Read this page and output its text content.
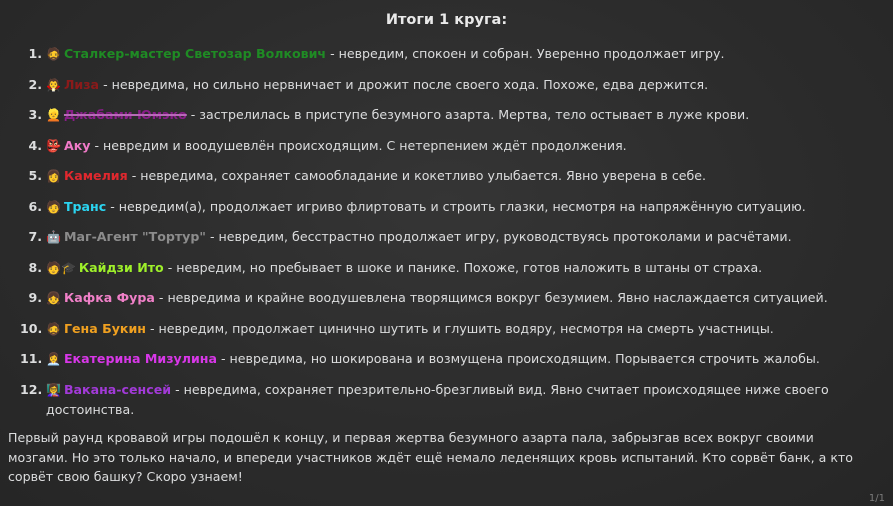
Итоги 1 круга:
1. 🧔 Сталкер-мастер Светозар Волкович - невредим, спокоен и собран. Уверенно продолжает игру.
2. 🧛 Лиза - невредима, но сильно нервничает и дрожит после своего хода. Похоже, едва держится.
3. 👱 Джабами Юмэко - застрелилась в приступе безумного азарта. Мертва, тело остывает в луже крови.
4. 👺 Аку - невредим и воодушевлён происходящим. С нетерпением ждёт продолжения.
5. 👩 Камелия - невредима, сохраняет самообладание и кокетливо улыбается. Явно уверена в себе.
6. 🧑 Транс - невредим(а), продолжает игриво флиртовать и строить глазки, несмотря на напряжённую ситуацию.
7. 🤖 Маг-Агент "Тортур" - невредим, бесстрастно продолжает игру, руководствуясь протоколами и расчётами.
8. 🧑🎓 Кайдзи Ито - невредим, но пребывает в шоке и панике. Похоже, готов наложить в штаны от страха.
9. 👧 Кафка Фура - невредима и крайне воодушевлена творящимся вокруг безумием. Явно наслаждается ситуацией.
10. 🧔 Гена Букин - невредим, продолжает цинично шутить и глушить водяру, несмотря на смерть участницы.
11. 👩‍💼 Екатерина Мизулина - невредима, но шокирована и возмущена происходящим. Порывается строчить жалобы.
12. 👩‍🏫 Вакана-сенсей - невредима, сохраняет презрительно-брезгливый вид. Явно считает происходящее ниже своего достоинства.
Первый раунд кровавой игры подошёл к концу, и первая жертва безумного азарта пала, забрызгав всех вокруг своими мозгами. Но это только начало, и впереди участников ждёт ещё немало леденящих кровь испытаний. Кто сорвёт банк, а кто сорвёт свою башку? Скоро узнаем!
1/1
